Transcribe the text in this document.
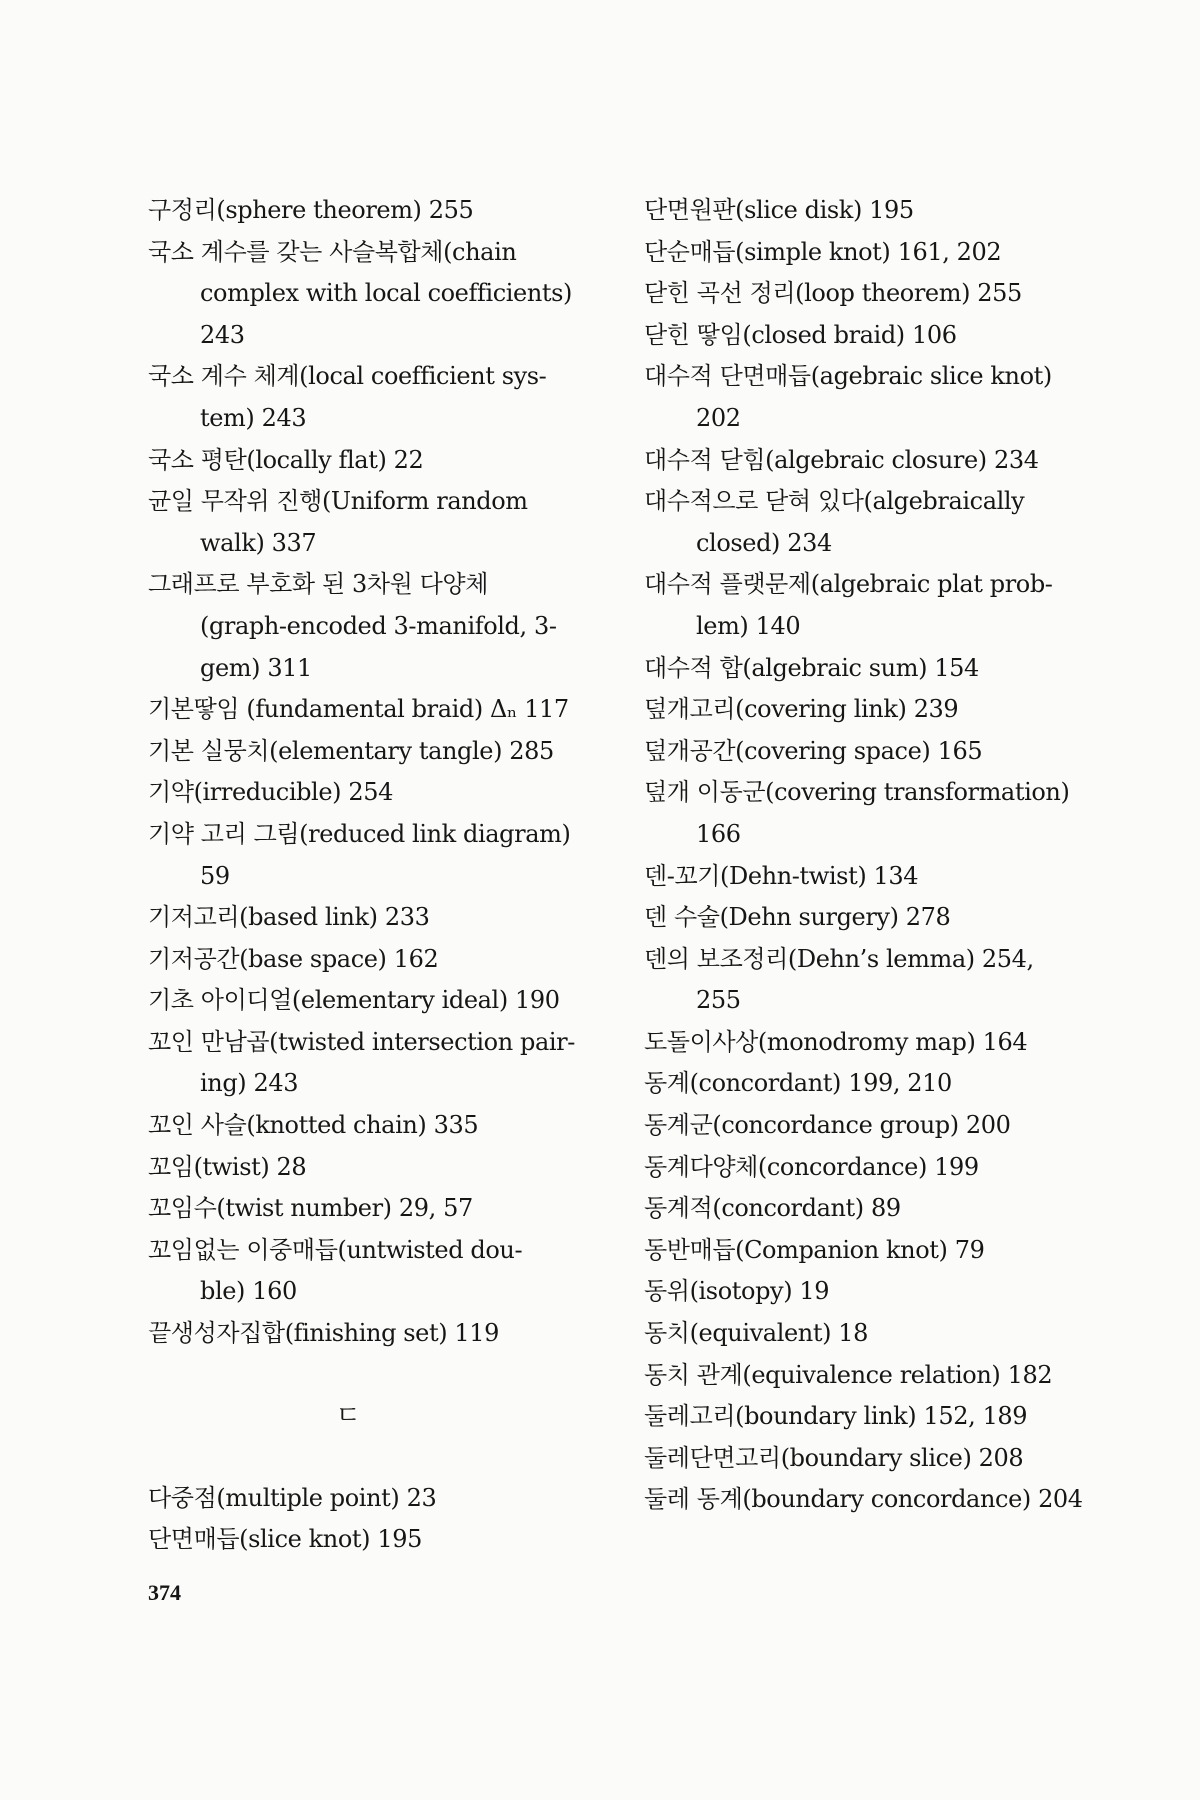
구정리(sphere theorem) 255
국소 계수를 갖는 사슬복합체(chain
complex with local coefficients)
243
국소 계수 체계(local coefficient sys-
tem) 243
국소 평탄(locally flat) 22
균일 무작위 진행(Uniform random
walk) 337
그래프로 부호화 된 3차원 다양체
(graph-encoded 3-manifold, 3-
gem) 311
기본땋임 (fundamental braid) Δₙ 117
기본 실뭉치(elementary tangle) 285
기약(irreducible) 254
기약 고리 그림(reduced link diagram)
59
기저고리(based link) 233
기저공간(base space) 162
기초 아이디얼(elementary ideal) 190
꼬인 만남곱(twisted intersection pair-
ing) 243
꼬인 사슬(knotted chain) 335
꼬임(twist) 28
꼬임수(twist number) 29, 57
꼬임없는 이중매듭(untwisted dou-
ble) 160
끝생성자집합(finishing set) 119
ㄷ
다중점(multiple point) 23
단면매듭(slice knot) 195
단면원판(slice disk) 195
단순매듭(simple knot) 161, 202
닫힌 곡선 정리(loop theorem) 255
닫힌 땋임(closed braid) 106
대수적 단면매듭(agebraic slice knot)
202
대수적 닫힘(algebraic closure) 234
대수적으로 닫혀 있다(algebraically
closed) 234
대수적 플랫문제(algebraic plat prob-
lem) 140
대수적 합(algebraic sum) 154
덮개고리(covering link) 239
덮개공간(covering space) 165
덮개 이동군(covering transformation)
166
덴-꼬기(Dehn-twist) 134
덴 수술(Dehn surgery) 278
덴의 보조정리(Dehn’s lemma) 254,
255
도돌이사상(monodromy map) 164
동계(concordant) 199, 210
동계군(concordance group) 200
동계다양체(concordance) 199
동계적(concordant) 89
동반매듭(Companion knot) 79
동위(isotopy) 19
동치(equivalent) 18
동치 관계(equivalence relation) 182
둘레고리(boundary link) 152, 189
둘레단면고리(boundary slice) 208
둘레 동계(boundary concordance) 204
374
